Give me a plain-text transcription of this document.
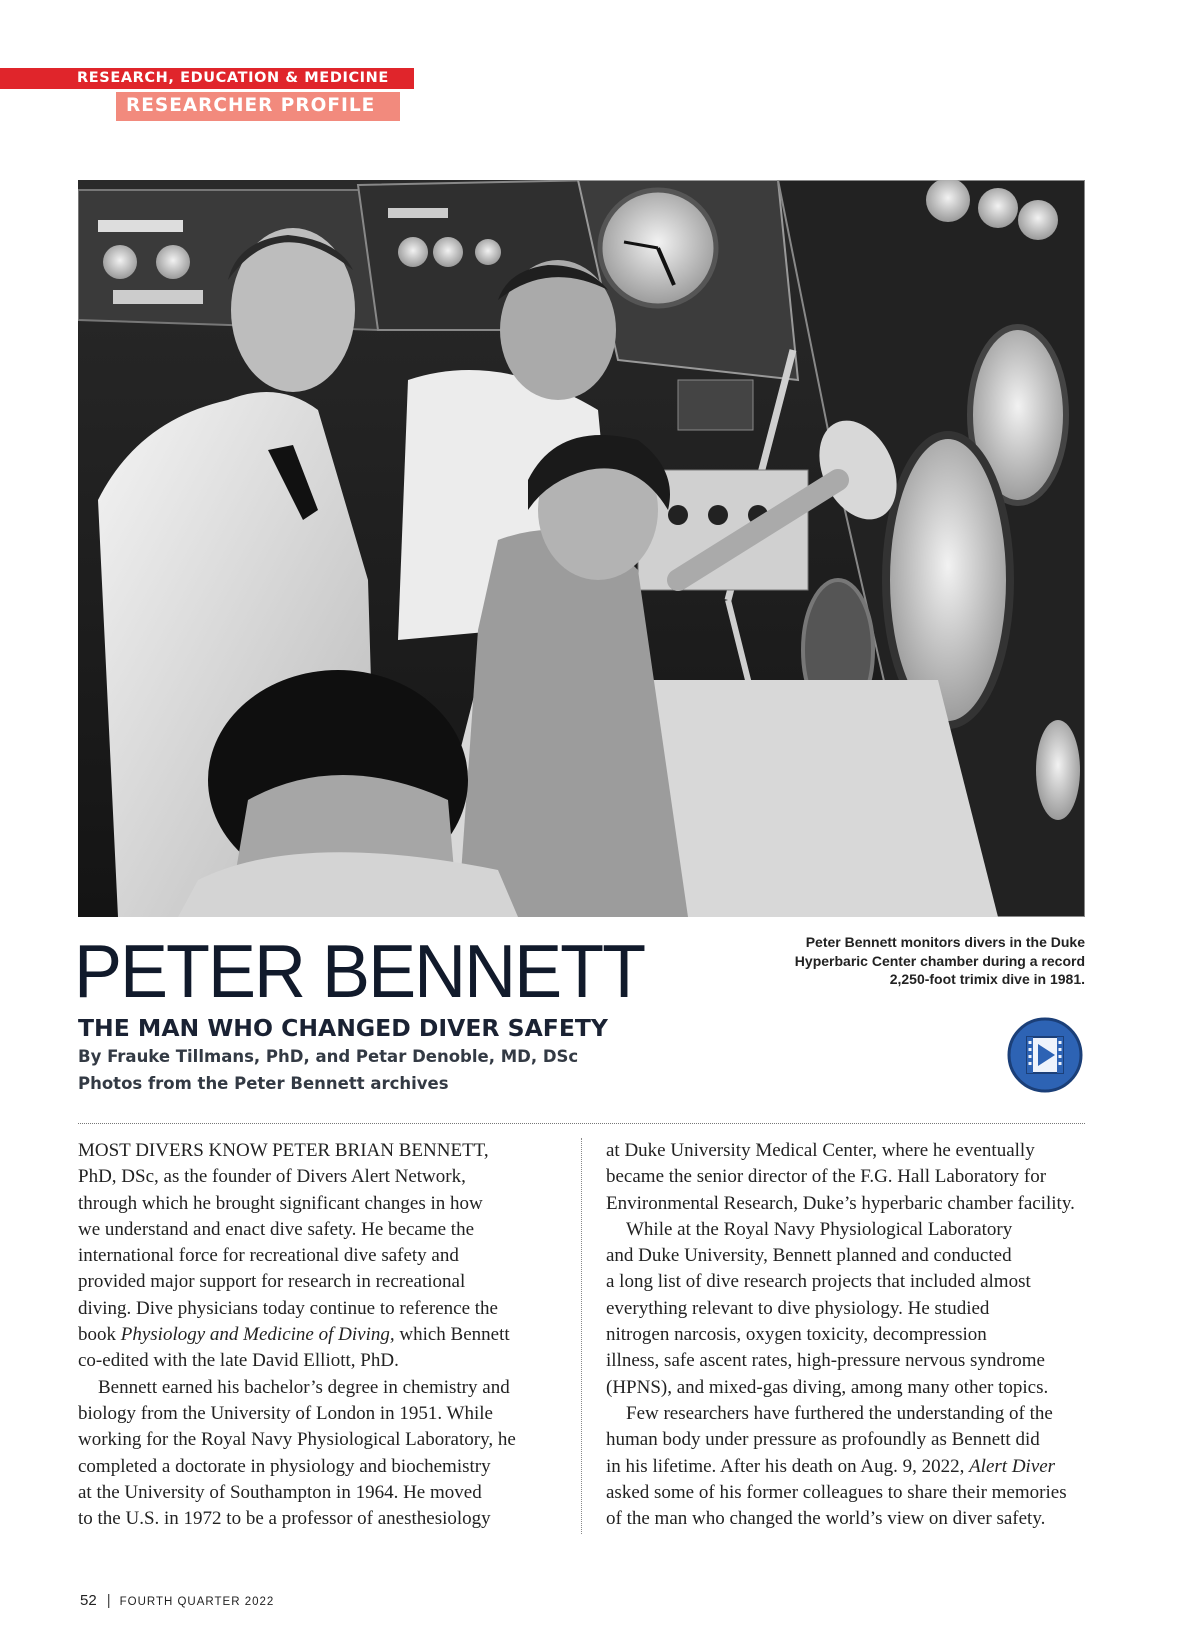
RESEARCH, EDUCATION & MEDICINE
RESEARCHER PROFILE
Peter Bennett monitors divers in the Duke
Hyperbaric Center chamber during a record
2,250-foot trimix dive in 1981.
PETER BENNETT
THE MAN WHO CHANGED DIVER SAFETY
By Frauke Tillmans, PhD, and Petar Denoble, MD, DSc
Photos from the Peter Bennett archives

MOST DIVERS KNOW PETER BRIAN BENNETT,
PhD, DSc, as the founder of Divers Alert Network,
through which he brought significant changes in how
we understand and enact dive safety. He became the
international force for recreational dive safety and
provided major support for research in recreational
diving. Dive physicians today continue to reference the
book Physiology and Medicine of Diving, which Bennett
co-edited with the late David Elliott, PhD.

Bennett earned his bachelor’s degree in chemistry and
biology from the University of London in 1951. While
working for the Royal Navy Physiological Laboratory, he
completed a doctorate in physiology and biochemistry
at the University of Southampton in 1964. He moved
to the U.S. in 1972 to be a professor of anesthesiology

at Duke University Medical Center, where he eventually
became the senior director of the F.G. Hall Laboratory for
Environmental Research, Duke’s hyperbaric chamber facility.

While at the Royal Navy Physiological Laboratory
and Duke University, Bennett planned and conducted
a long list of dive research projects that included almost
everything relevant to dive physiology. He studied
nitrogen narcosis, oxygen toxicity, decompression
illness, safe ascent rates, high-pressure nervous syndrome
(HPNS), and mixed-gas diving, among many other topics.

Few researchers have furthered the understanding of the
human body under pressure as profoundly as Bennett did
in his lifetime. After his death on Aug. 9, 2022, Alert Diver
asked some of his former colleagues to share their memories
of the man who changed the world’s view on diver safety.

52 | FOURTH QUARTER 2022
